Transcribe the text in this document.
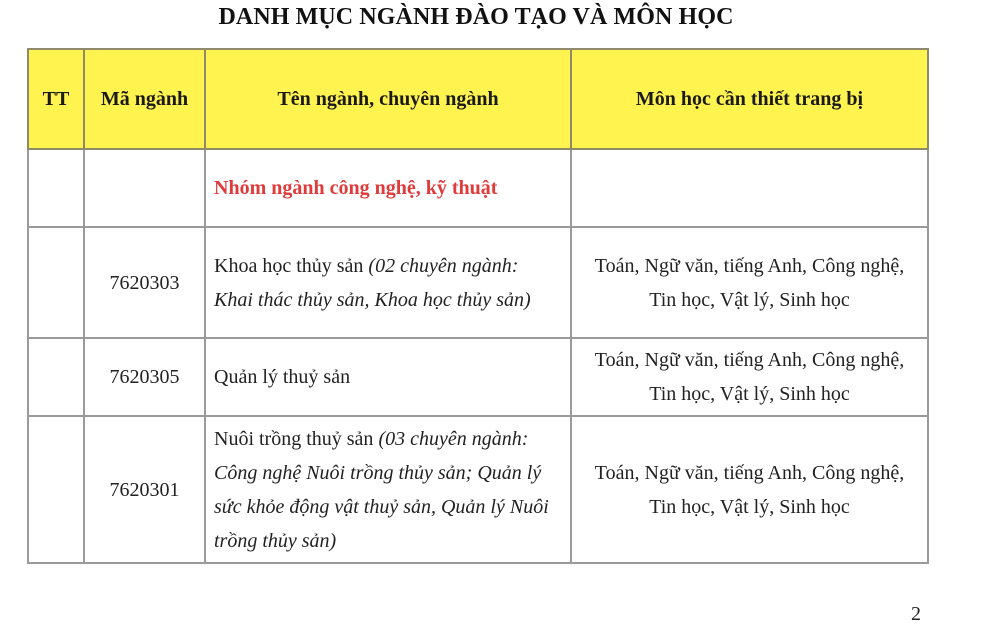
DANH MỤC NGÀNH ĐÀO TẠO VÀ MÔN HỌC
TT	Mã ngành	Tên ngành, chuyên ngành	Môn học cần thiết trang bị
		Nhóm ngành công nghệ, kỹ thuật	
	7620303	Khoa học thủy sản (02 chuyên ngành: Khai thác thủy sản, Khoa học thủy sản)	Toán, Ngữ văn, tiếng Anh, Công nghệ, Tin học, Vật lý, Sinh học
	7620305	Quản lý thuỷ sản	Toán, Ngữ văn, tiếng Anh, Công nghệ, Tin học, Vật lý, Sinh học
	7620301	Nuôi trồng thuỷ sản (03 chuyên ngành: Công nghệ Nuôi trồng thủy sản; Quản lý sức khỏe động vật thuỷ sản, Quản lý Nuôi trồng thủy sản)	Toán, Ngữ văn, tiếng Anh, Công nghệ, Tin học, Vật lý, Sinh học
2
